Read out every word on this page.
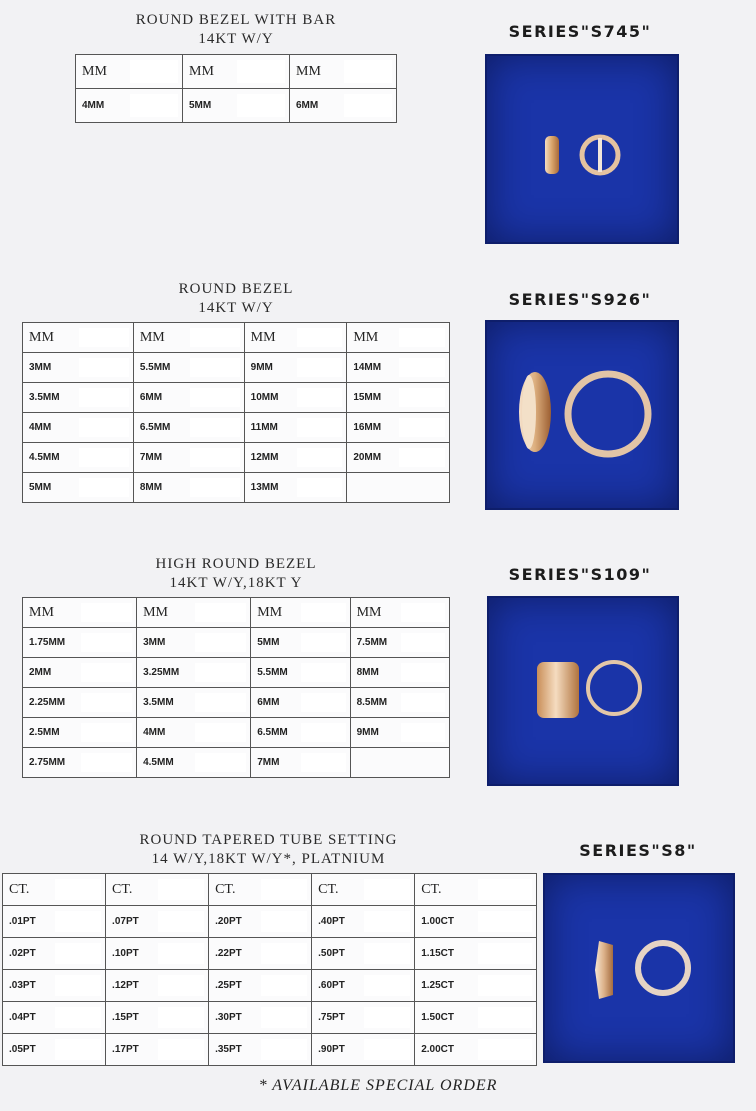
ROUND BEZEL WITH BAR
14KT W/Y
MM	MM	MM

4MM	5MM	6MM
SERIES"S745"
ROUND BEZEL
14KT W/Y
MM	MM	MM	MM

3MM	5.5MM	9MM	14MM

3.5MM	6MM	10MM	15MM

4MM	6.5MM	11MM	16MM

4.5MM	7MM	12MM	20MM

5MM	8MM	13MM

SERIES"S926"
HIGH ROUND BEZEL
14KT W/Y,18KT Y
MM	MM	MM	MM

1.75MM	3MM	5MM	7.5MM

2MM	3.25MM	5.5MM	8MM

2.25MM	3.5MM	6MM	8.5MM

2.5MM	4MM	6.5MM	9MM

2.75MM	4.5MM	7MM

SERIES"S109"
ROUND TAPERED TUBE SETTING
14 W/Y,18KT W/Y*, PLATNIUM
CT.	CT.	CT.	CT.	CT.

.01PT	.07PT	.20PT	.40PT	1.00CT

.02PT	.10PT	.22PT	.50PT	1.15CT

.03PT	.12PT	.25PT	.60PT	1.25CT

.04PT	.15PT	.30PT	.75PT	1.50CT

.05PT	.17PT	.35PT	.90PT	2.00CT
SERIES"S8"
* AVAILABLE SPECIAL ORDER
